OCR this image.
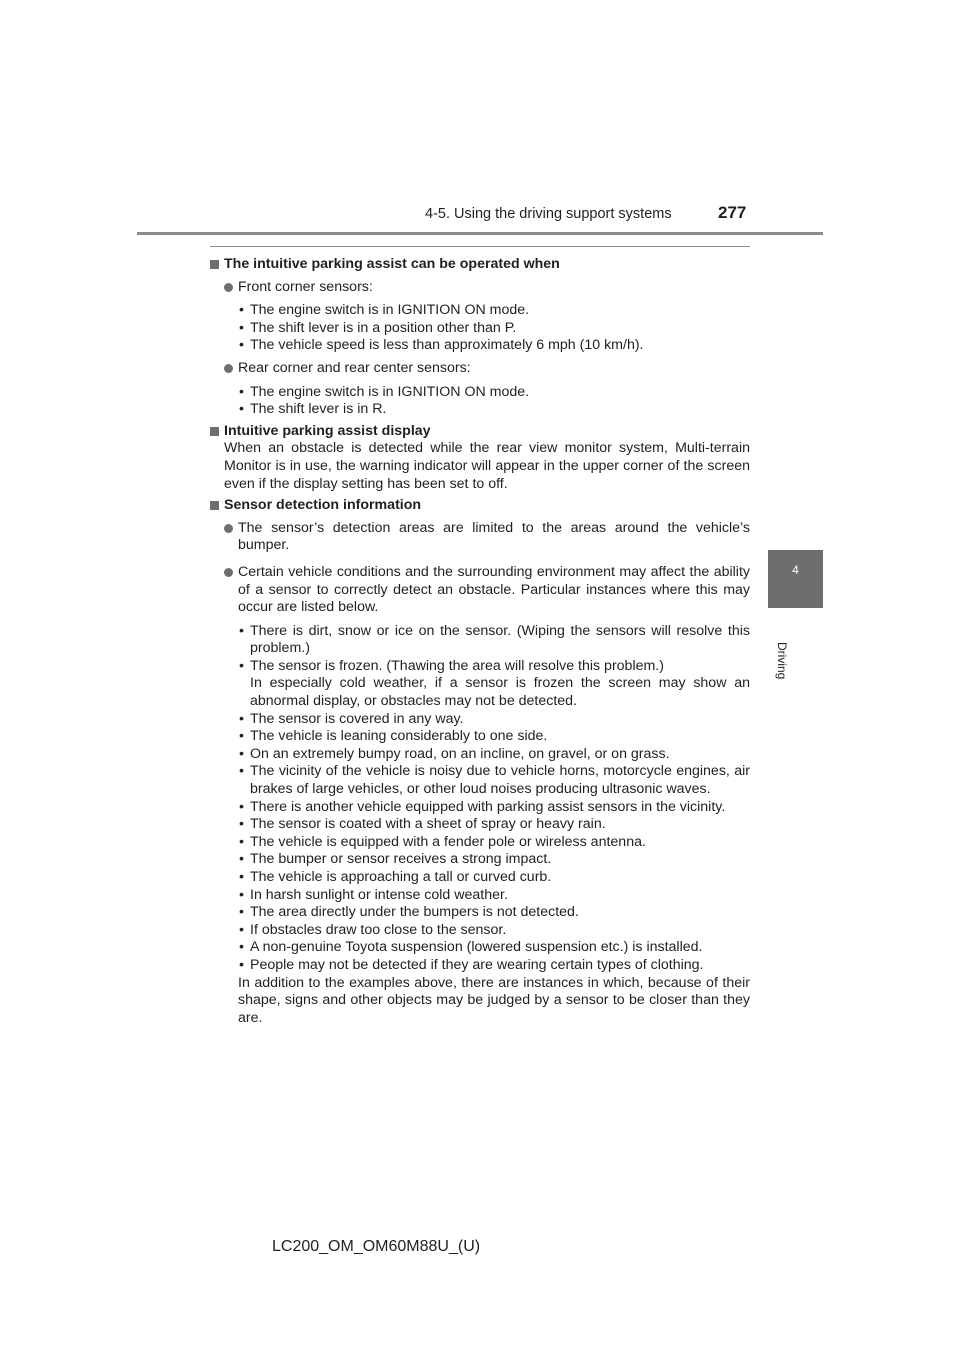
4-5. Using the driving support systems	277
4
Driving
The intuitive parking assist can be operated when
Front corner sensors:
• The engine switch is in IGNITION ON mode.
• The shift lever is in a position other than P.
• The vehicle speed is less than approximately 6 mph (10 km/h).
Rear corner and rear center sensors:
• The engine switch is in IGNITION ON mode.
• The shift lever is in R.
Intuitive parking assist display
When an obstacle is detected while the rear view monitor system, Multi-terrain Monitor is in use, the warning indicator will appear in the upper corner of the screen even if the display setting has been set to off.
Sensor detection information
The sensor’s detection areas are limited to the areas around the vehicle’s bumper.
Certain vehicle conditions and the surrounding environment may affect the ability of a sensor to correctly detect an obstacle. Particular instances where this may occur are listed below.
• There is dirt, snow or ice on the sensor. (Wiping the sensors will resolve this problem.)
• The sensor is frozen. (Thawing the area will resolve this problem.)
In especially cold weather, if a sensor is frozen the screen may show an abnormal display, or obstacles may not be detected.
• The sensor is covered in any way.
• The vehicle is leaning considerably to one side.
• On an extremely bumpy road, on an incline, on gravel, or on grass.
• The vicinity of the vehicle is noisy due to vehicle horns, motorcycle engines, air brakes of large vehicles, or other loud noises producing ultrasonic waves.
• There is another vehicle equipped with parking assist sensors in the vicinity.
• The sensor is coated with a sheet of spray or heavy rain.
• The vehicle is equipped with a fender pole or wireless antenna.
• The bumper or sensor receives a strong impact.
• The vehicle is approaching a tall or curved curb.
• In harsh sunlight or intense cold weather.
• The area directly under the bumpers is not detected.
• If obstacles draw too close to the sensor.
• A non-genuine Toyota suspension (lowered suspension etc.) is installed.
• People may not be detected if they are wearing certain types of clothing.
In addition to the examples above, there are instances in which, because of their shape, signs and other objects may be judged by a sensor to be closer than they are.
LC200_OM_OM60M88U_(U)
